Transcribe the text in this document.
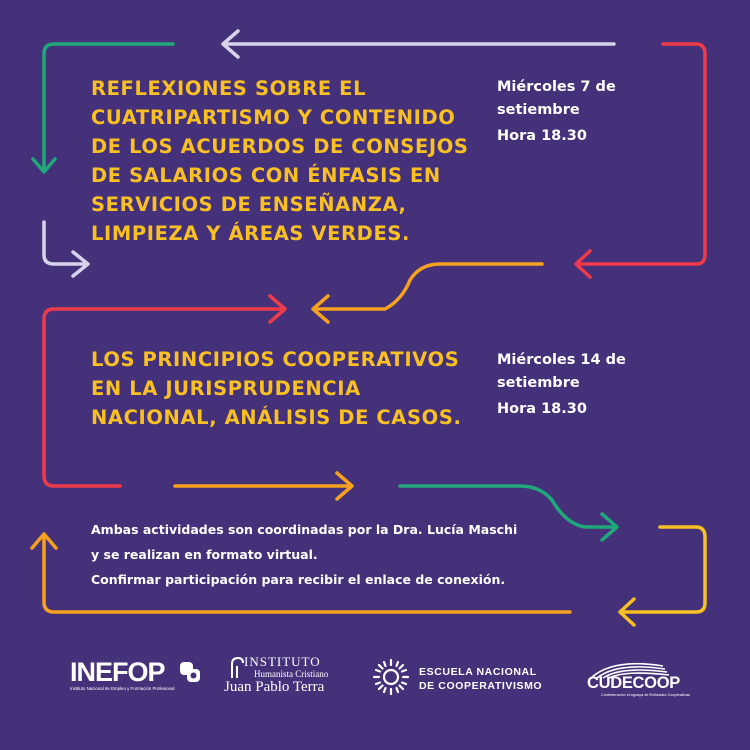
REFLEXIONES SOBRE EL
CUATRIPARTISMO Y CONTENIDO
DE LOS ACUERDOS DE CONSEJOS
DE SALARIOS CON ÉNFASIS EN
SERVICIOS DE ENSEÑANZA,
LIMPIEZA Y ÁREAS VERDES.
Miércoles 7 de
setiembre
Hora 18.30
LOS PRINCIPIOS COOPERATIVOS
EN LA JURISPRUDENCIA
NACIONAL, ANÁLISIS DE CASOS.
Miércoles 14 de
setiembre
Hora 18.30
Ambas actividades son coordinadas por la Dra. Lucía Maschi
y se realizan en formato virtual.
Confirmar participación para recibir el enlace de conexión.
INEFOP
Instituto Nacional de Empleo y Formación Profesional
INSTITUTO
Humanista Cristiano
Juan Pablo Terra
ESCUELA NACIONAL
DE COOPERATIVISMO	CUDECOOP
Confederación Uruguaya de Entidades Cooperativas
